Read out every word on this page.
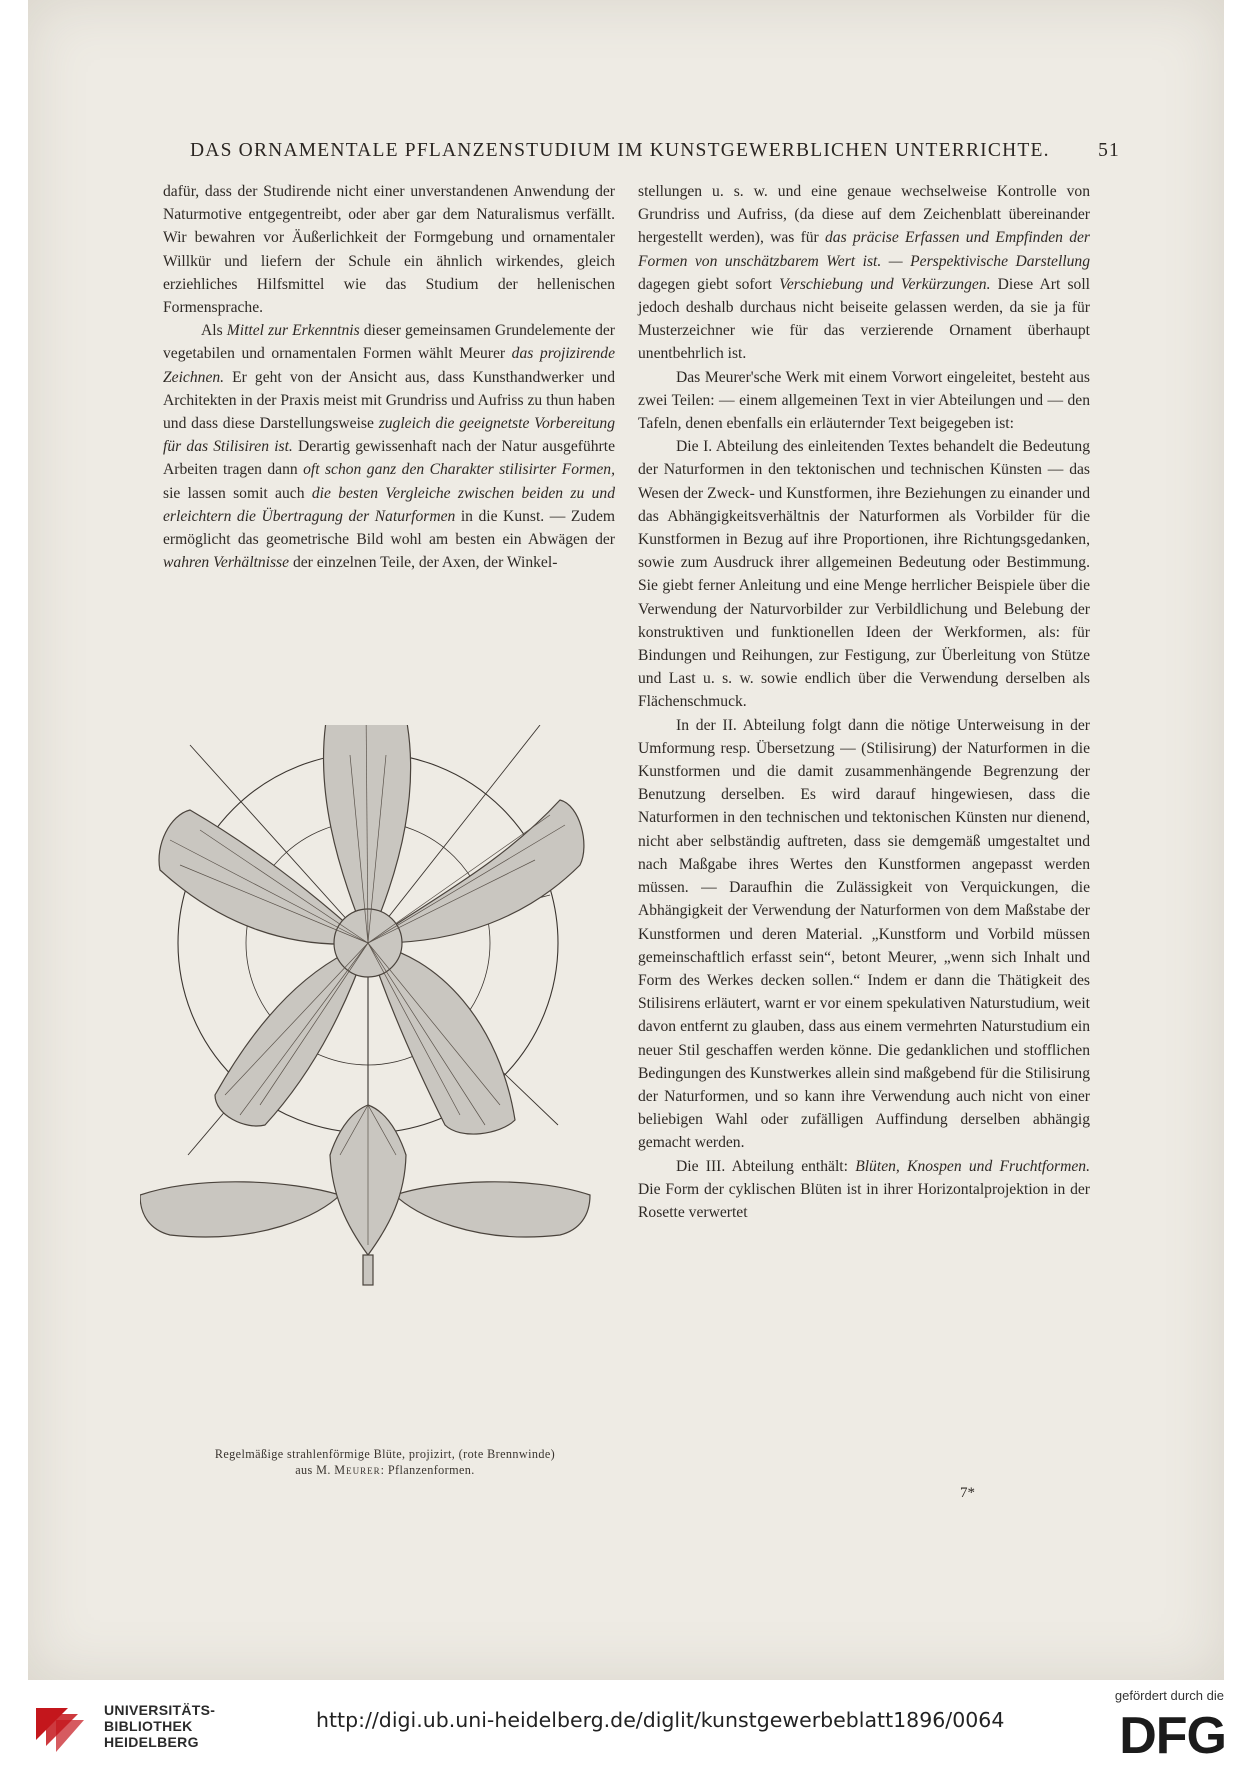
DAS ORNAMENTALE PFLANZENSTUDIUM IM KUNSTGEWERBLICHEN UNTERRICHTE. 51

dafür, dass der Studirende nicht einer unverstandenen Anwendung der Naturmotive entgegentreibt, oder aber gar dem Naturalismus verfällt. Wir bewahren vor Äußerlichkeit der Formgebung und ornamentaler Willkür und liefern der Schule ein ähnlich wirkendes, gleich erziehliches Hilfsmittel wie das Studium der hellenischen Formensprache.

Als Mittel zur Erkenntnis dieser gemeinsamen Grundelemente der vegetabilen und ornamentalen Formen wählt Meurer das projizirende Zeichnen. Er geht von der Ansicht aus, dass Kunsthandwerker und Architekten in der Praxis meist mit Grundriss und Aufriss zu thun haben und dass diese Darstellungsweise zugleich die geeignetste Vorbereitung für das Stilisiren ist. Derartig gewissenhaft nach der Natur ausgeführte Arbeiten tragen dann oft schon ganz den Charakter stilisirter Formen, sie lassen somit auch die besten Vergleiche zwischen beiden zu und erleichtern die Übertragung der Naturformen in die Kunst. — Zudem ermöglicht das geometrische Bild wohl am besten ein Abwägen der wahren Verhältnisse der einzelnen Teile, der Axen, der Winkel-

Regelmäßige strahlenförmige Blüte, projizirt, (rote Brennwinde)
aus M. Meurer: Pflanzenformen.

stellungen u. s. w. und eine genaue wechselweise Kontrolle von Grundriss und Aufriss, (da diese auf dem Zeichenblatt übereinander hergestellt werden), was für das präcise Erfassen und Empfinden der Formen von unschätzbarem Wert ist. — Perspektivische Darstellung dagegen giebt sofort Verschiebung und Verkürzungen. Diese Art soll jedoch deshalb durchaus nicht beiseite gelassen werden, da sie ja für Musterzeichner wie für das verzierende Ornament überhaupt unentbehrlich ist.

Das Meurer'sche Werk mit einem Vorwort eingeleitet, besteht aus zwei Teilen: — einem allgemeinen Text in vier Abteilungen und — den Tafeln, denen ebenfalls ein erläuternder Text beigegeben ist:

Die I. Abteilung des einleitenden Textes behandelt die Bedeutung der Naturformen in den tektonischen und technischen Künsten — das Wesen der Zweck- und Kunstformen, ihre Beziehungen zu einander und das Abhängigkeitsverhältnis der Naturformen als Vorbilder für die Kunstformen in Bezug auf ihre Proportionen, ihre Richtungsgedanken, sowie zum Ausdruck ihrer allgemeinen Bedeutung oder Bestimmung. Sie giebt ferner Anleitung und eine Menge herrlicher Beispiele über die Verwendung der Naturvorbilder zur Verbildlichung und Belebung der konstruktiven und funktionellen Ideen der Werkformen, als: für Bindungen und Reihungen, zur Festigung, zur Überleitung von Stütze und Last u. s. w. sowie endlich über die Verwendung derselben als Flächenschmuck.

In der II. Abteilung folgt dann die nötige Unterweisung in der Umformung resp. Übersetzung — (Stilisirung) der Naturformen in die Kunstformen und die damit zusammenhängende Begrenzung der Benutzung derselben. Es wird darauf hingewiesen, dass die Naturformen in den technischen und tektonischen Künsten nur dienend, nicht aber selbständig auftreten, dass sie demgemäß umgestaltet und nach Maßgabe ihres Wertes den Kunstformen angepasst werden müssen. — Daraufhin die Zulässigkeit von Verquickungen, die Abhängigkeit der Verwendung der Naturformen von dem Maßstabe der Kunstformen und deren Material. „Kunstform und Vorbild müssen gemeinschaftlich erfasst sein“, betont Meurer, „wenn sich Inhalt und Form des Werkes decken sollen.“ Indem er dann die Thätigkeit des Stilisirens erläutert, warnt er vor einem spekulativen Naturstudium, weit davon entfernt zu glauben, dass aus einem vermehrten Naturstudium ein neuer Stil geschaffen werden könne. Die gedanklichen und stofflichen Bedingungen des Kunstwerkes allein sind maßgebend für die Stilisirung der Naturformen, und so kann ihre Verwendung auch nicht von einer beliebigen Wahl oder zufälligen Auffindung derselben abhängig gemacht werden.

Die III. Abteilung enthält: Blüten, Knospen und Fruchtformen. Die Form der cyklischen Blüten ist in ihrer Horizontalprojektion in der Rosette verwertet

7*
UNIVERSITÄTS-
BIBLIOTHEK
HEIDELBERG
http://digi.ub.uni-heidelberg.de/diglit/kunstgewerbeblatt1896/0064
gefördert durch die
DFG
